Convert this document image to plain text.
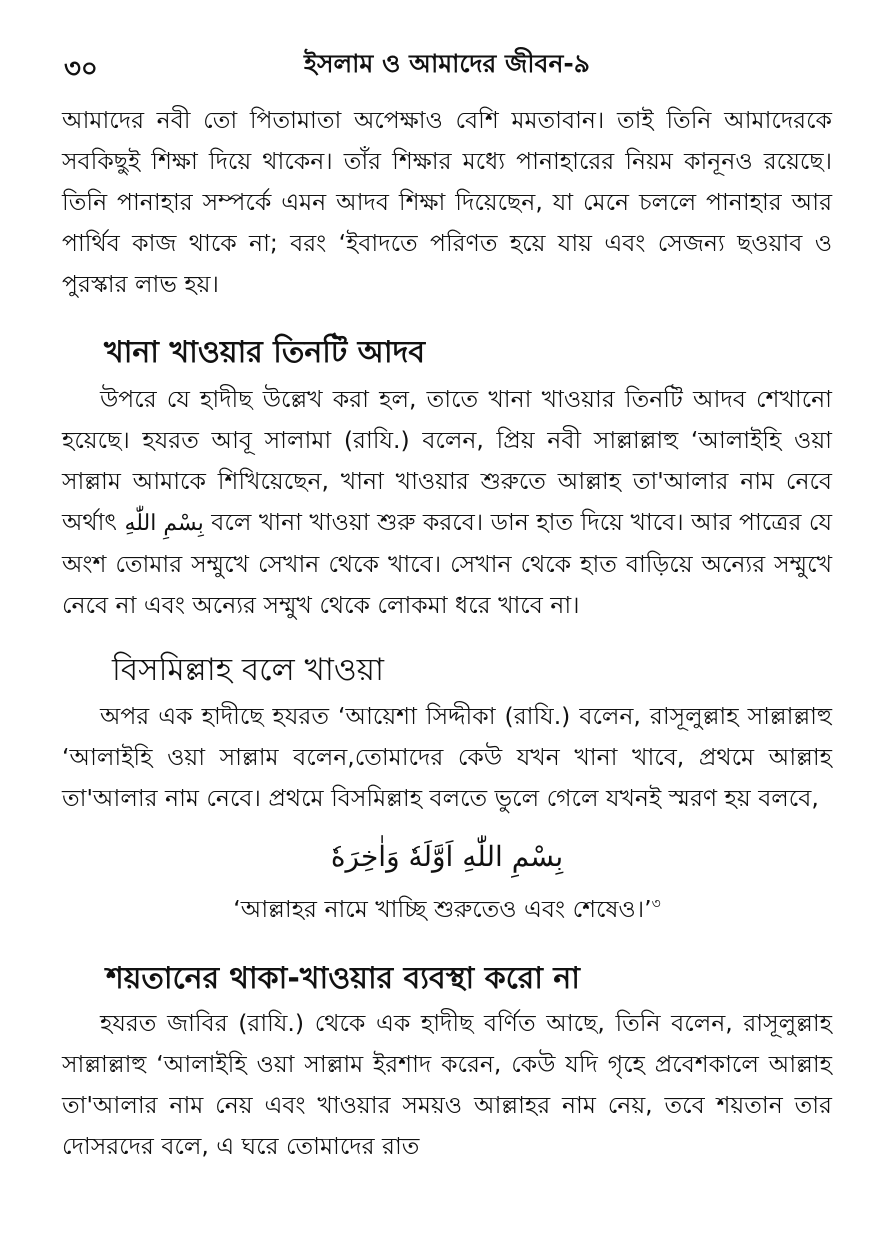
৩০	ইসলাম ও আমাদের জীবন-৯

আমাদের নবী তো পিতামাতা অপেক্ষাও বেশি মমতাবান। তাই তিনি আমাদেরকে সবকিছুই শিক্ষা দিয়ে থাকেন। তাঁর শিক্ষার মধ্যে পানাহারের নিয়ম কানূনও রয়েছে। তিনি পানাহার সম্পর্কে এমন আদব শিক্ষা দিয়েছেন, যা মেনে চললে পানাহার আর পার্থিব কাজ থাকে না; বরং ‘ইবাদতে পরিণত হয়ে যায় এবং সেজন্য ছওয়াব ও পুরস্কার লাভ হয়।

খানা খাওয়ার তিনটি আদব

উপরে যে হাদীছ উল্লেখ করা হল, তাতে খানা খাওয়ার তিনটি আদব শেখানো হয়েছে। হযরত আবূ সালামা (রাযি.) বলেন, প্রিয় নবী সাল্লাল্লাহু ‘আলাইহি ওয়া সাল্লাম আমাকে শিখিয়েছেন, খানা খাওয়ার শুরুতে আল্লাহ তা'আলার নাম নেবে অর্থাৎ بِسْمِ اللّٰهِ বলে খানা খাওয়া শুরু করবে। ডান হাত দিয়ে খাবে। আর পাত্রের যে অংশ তোমার সম্মুখে সেখান থেকে খাবে। সেখান থেকে হাত বাড়িয়ে অন্যের সম্মুখে নেবে না এবং অন্যের সম্মুখ থেকে লোকমা ধরে খাবে না।

বিসমিল্লাহ বলে খাওয়া

অপর এক হাদীছে হযরত ‘আয়েশা সিদ্দীকা (রাযি.) বলেন, রাসূলুল্লাহ সাল্লাল্লাহু ‘আলাইহি ওয়া সাল্লাম বলেন,তোমাদের কেউ যখন খানা খাবে, প্রথমে আল্লাহ তা'আলার নাম নেবে। প্রথমে বিসমিল্লাহ বলতে ভুলে গেলে যখনই স্মরণ হয় বলবে,

بِسْمِ اللّٰهِ اَوَّلَهٗ وَاٰخِرَهٗ

‘আল্লাহর নামে খাচ্ছি শুরুতেও এবং শেষেও।’$^৩$

শয়তানের থাকা-খাওয়ার ব্যবস্থা করো না

হযরত জাবির (রাযি.) থেকে এক হাদীছ বর্ণিত আছে, তিনি বলেন, রাসূলুল্লাহ সাল্লাল্লাহু ‘আলাইহি ওয়া সাল্লাম ইরশাদ করেন, কেউ যদি গৃহে প্রবেশকালে আল্লাহ তা'আলার নাম নেয় এবং খাওয়ার সময়ও আল্লাহর নাম নেয়, তবে শয়তান তার দোসরদের বলে, এ ঘরে তোমাদের রাত
